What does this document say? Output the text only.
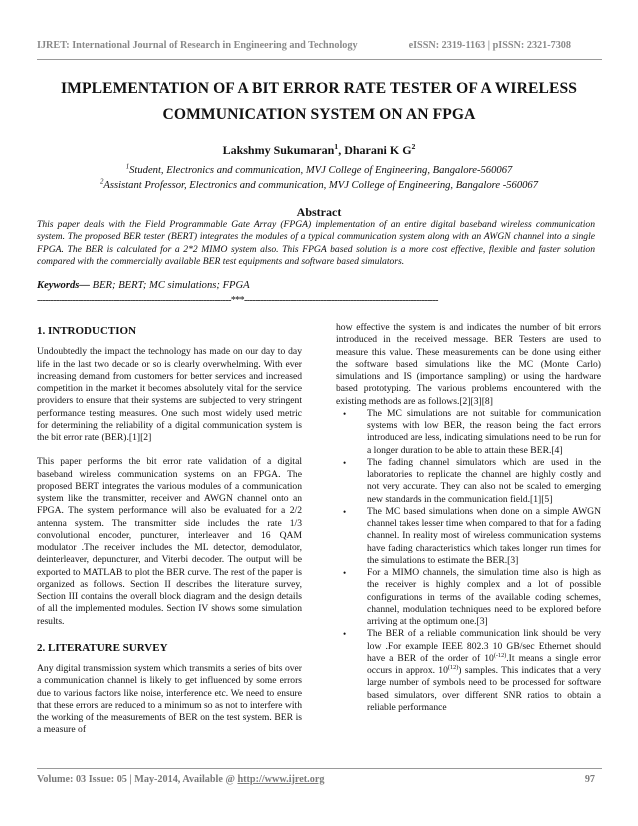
IJRET: International Journal of Research in Engineering and Technology	eISSN: 2319-1163 | pISSN: 2321-7308
IMPLEMENTATION OF A BIT ERROR RATE TESTER OF A WIRELESS
COMMUNICATION SYSTEM ON AN FPGA
Lakshmy Sukumaran$^1$, Dharani K $G^2$
$^1$Student, Electronics and communication, MVJ College of Engineering, Bangalore-560067
$^2$Assistant Professor, Electronics and communication, MVJ College of Engineering, Bangalore -560067
Abstract
This paper deals with the Field Programmable Gate Array (FPGA) implementation of an entire digital baseband wireless communication system. The proposed BER tester (BERT) integrates the modules of a typical communication system along with an AWGN channel into a single FPGA. The BER is calculated for a 2*2 MIMO system also. This FPGA based solution is a more cost effective, flexible and faster solution compared with the commercially available BER test equipments and software based simulators.
Keywords— BER; BERT; MC simulations; FPGA
-----------------------------------------------------------------------***-----------------------------------------------------------------------
1. INTRODUCTION
Undoubtedly the impact the technology has made on our day to day life in the last two decade or so is clearly overwhelming. With ever increasing demand from customers for better services and increased competition in the market it becomes absolutely vital for the service providers to ensure that their systems are subjected to very stringent performance testing measures. One such most widely used metric for determining the reliability of a digital communication system is the bit error rate (BER).[1][2]
This paper performs the bit error rate validation of a digital baseband wireless communication systems on an FPGA. The proposed BERT integrates the various modules of a communication system like the transmitter, receiver and AWGN channel onto an FPGA. The system performance will also be evaluated for a 2/2 antenna system. The transmitter side includes the rate 1/3 convolutional encoder, puncturer, interleaver and 16 QAM modulator .The receiver includes the ML detector, demodulator, deinterleaver, depuncturer, and Viterbi decoder. The output will be exported to MATLAB to plot the BER curve. The rest of the paper is organized as follows. Section II describes the literature survey, Section III contains the overall block diagram and the design details of all the implemented modules. Section IV shows some simulation results.
2. LITERATURE SURVEY
Any digital transmission system which transmits a series of bits over a communication channel is likely to get influenced by some errors due to various factors like noise, interference etc. We need to ensure that these errors are reduced to a minimum so as not to interfere with the working of the measurements of BER on the test system. BER is a measure of
how effective the system is and indicates the number of bit errors introduced in the received message. BER Testers are used to measure this value. These measurements can be done using either the software based simulations like the MC (Monte Carlo) simulations and IS (importance sampling) or using the hardware based prototyping. The various problems encountered with the existing methods are as follows.[2][3][8]
• The MC simulations are not suitable for communication systems with low BER, the reason being the fact errors introduced are less, indicating simulations need to be run for a longer duration to be able to attain these BER.[4]
• The fading channel simulators which are used in the laboratories to replicate the channel are highly costly and not very accurate. They can also not be scaled to emerging new standards in the communication field.[1][5]
• The MC based simulations when done on a simple AWGN channel takes lesser time when compared to that for a fading channel. In reality most of wireless communication systems have fading characteristics which takes longer run times for the simulations to estimate the BER.[3]
• For a MIMO channels, the simulation time also is high as the receiver is highly complex and a lot of possible configurations in terms of the available coding schemes, channel, modulation techniques need to be explored before arriving at the optimum one.[3]
• The BER of a reliable communication link should be very low .For example IEEE 802.3 10 GB/sec Ethernet should have a BER of the order of $10^{(-12)}.It$ means a single error occurs in approx. 10$^{(12)}$) samples. This indicates that a very large number of symbols need to be processed for software based simulators, over different SNR ratios to obtain a reliable performance
Volume: 03 Issue: 05 | May-2014, Available @ http://www.ijret.org	97
